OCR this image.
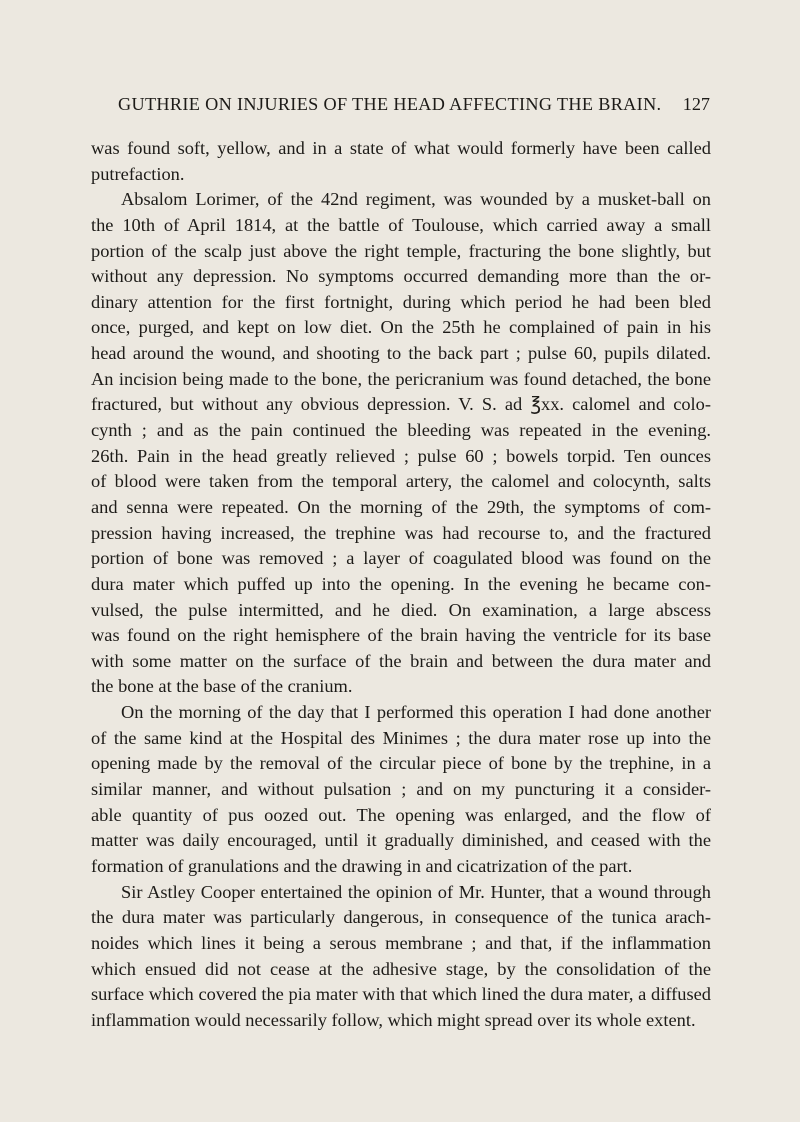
GUTHRIE ON INJURIES OF THE HEAD AFFECTING THE BRAIN. 127
was found soft, yellow, and in a state of what would formerly have been called
putrefaction.
Absalom Lorimer, of the 42nd regiment, was wounded by a musket-ball on
the 10th of April 1814, at the battle of Toulouse, which carried away a small
portion of the scalp just above the right temple, fracturing the bone slightly, but
without any depression. No symptoms occurred demanding more than the or-
dinary attention for the first fortnight, during which period he had been bled
once, purged, and kept on low diet. On the 25th he complained of pain in his
head around the wound, and shooting to the back part ; pulse 60, pupils dilated.
An incision being made to the bone, the pericranium was found detached, the bone
fractured, but without any obvious depression. V. S. ad ℥xx. calomel and colo-
cynth ; and as the pain continued the bleeding was repeated in the evening.
26th. Pain in the head greatly relieved ; pulse 60 ; bowels torpid. Ten ounces
of blood were taken from the temporal artery, the calomel and colocynth, salts
and senna were repeated. On the morning of the 29th, the symptoms of com-
pression having increased, the trephine was had recourse to, and the fractured
portion of bone was removed ; a layer of coagulated blood was found on the
dura mater which puffed up into the opening. In the evening he became con-
vulsed, the pulse intermitted, and he died. On examination, a large abscess
was found on the right hemisphere of the brain having the ventricle for its base
with some matter on the surface of the brain and between the dura mater and
the bone at the base of the cranium.
On the morning of the day that I performed this operation I had done another
of the same kind at the Hospital des Minimes ; the dura mater rose up into the
opening made by the removal of the circular piece of bone by the trephine, in a
similar manner, and without pulsation ; and on my puncturing it a consider-
able quantity of pus oozed out. The opening was enlarged, and the flow of
matter was daily encouraged, until it gradually diminished, and ceased with the
formation of granulations and the drawing in and cicatrization of the part.
Sir Astley Cooper entertained the opinion of Mr. Hunter, that a wound through
the dura mater was particularly dangerous, in consequence of the tunica arach-
noides which lines it being a serous membrane ; and that, if the inflammation
which ensued did not cease at the adhesive stage, by the consolidation of the
surface which covered the pia mater with that which lined the dura mater, a diffused
inflammation would necessarily follow, which might spread over its whole extent.
